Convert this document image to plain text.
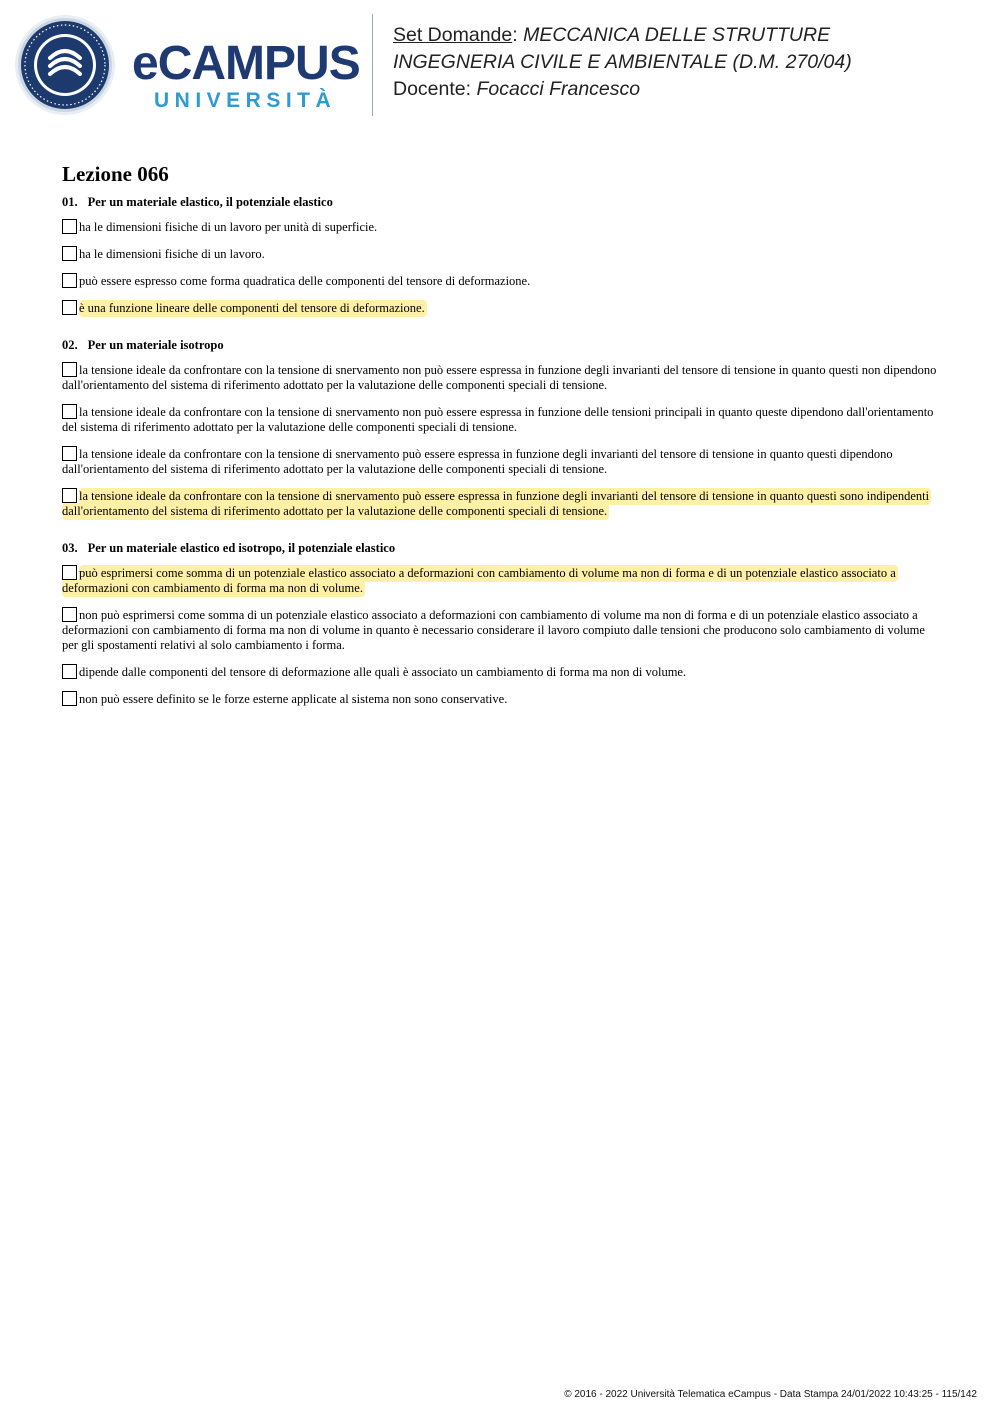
eCAMPUS
UNIVERSITÀ
Set Domande: MECCANICA DELLE STRUTTURE
INGEGNERIA CIVILE E AMBIENTALE (D.M. 270/04)
Docente: Focacci Francesco
Lezione 066
01. Per un materiale elastico, il potenziale elastico
ha le dimensioni fisiche di un lavoro per unità di superficie.
ha le dimensioni fisiche di un lavoro.
può essere espresso come forma quadratica delle componenti del tensore di deformazione.
è una funzione lineare delle componenti del tensore di deformazione.
02. Per un materiale isotropo
la tensione ideale da confrontare con la tensione di snervamento non può essere espressa in funzione degli invarianti del tensore di tensione in quanto questi non dipendono dall'orientamento del sistema di riferimento adottato per la valutazione delle componenti speciali di tensione.
la tensione ideale da confrontare con la tensione di snervamento non può essere espressa in funzione delle tensioni principali in quanto queste dipendono dall'orientamento del sistema di riferimento adottato per la valutazione delle componenti speciali di tensione.
la tensione ideale da confrontare con la tensione di snervamento può essere espressa in funzione degli invarianti del tensore di tensione in quanto questi dipendono dall'orientamento del sistema di riferimento adottato per la valutazione delle componenti speciali di tensione.
la tensione ideale da confrontare con la tensione di snervamento può essere espressa in funzione degli invarianti del tensore di tensione in quanto questi sono indipendenti dall'orientamento del sistema di riferimento adottato per la valutazione delle componenti speciali di tensione.
03. Per un materiale elastico ed isotropo, il potenziale elastico
può esprimersi come somma di un potenziale elastico associato a deformazioni con cambiamento di volume ma non di forma e di un potenziale elastico associato a deformazioni con cambiamento di forma ma non di volume.
non può esprimersi come somma di un potenziale elastico associato a deformazioni con cambiamento di volume ma non di forma e di un potenziale elastico associato a deformazioni con cambiamento di forma ma non di volume in quanto è necessario considerare il lavoro compiuto dalle tensioni che producono solo cambiamento di volume per gli spostamenti relativi al solo cambiamento i forma.
dipende dalle componenti del tensore di deformazione alle quali è associato un cambiamento di forma ma non di volume.
non può essere definito se le forze esterne applicate al sistema non sono conservative.
© 2016 - 2022 Università Telematica eCampus - Data Stampa 24/01/2022 10:43:25 - 115/142
